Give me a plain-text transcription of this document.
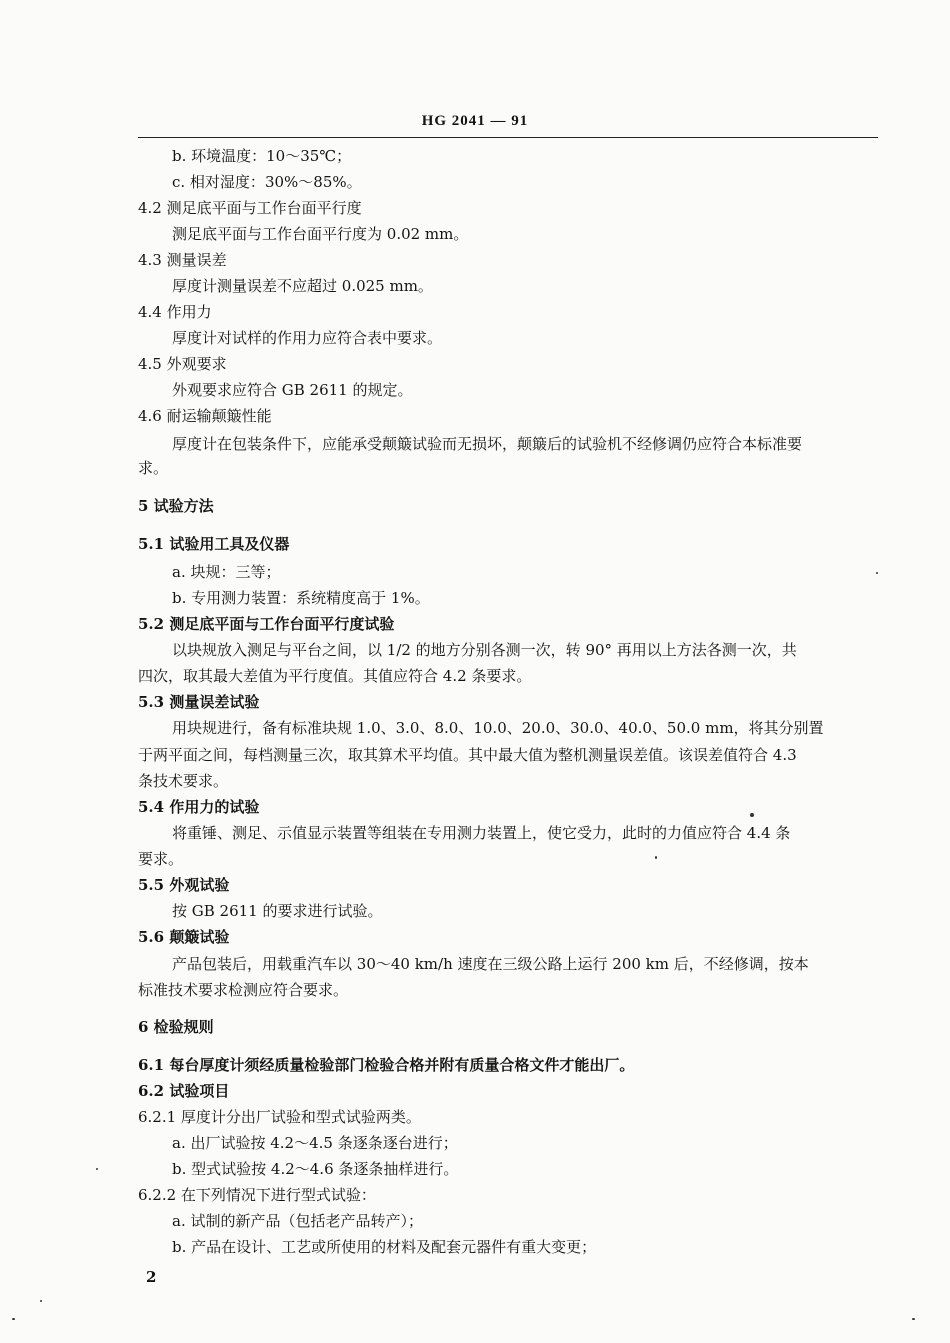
HG 2041 — 91
b. 环境温度：10～35℃；
c. 相对湿度：30%～85%。
4.2 测足底平面与工作台面平行度
测足底平面与工作台面平行度为 0.02 mm。
4.3 测量误差
厚度计测量误差不应超过 0.025 mm。
4.4 作用力
厚度计对试样的作用力应符合表中要求。
4.5 外观要求
外观要求应符合 GB 2611 的规定。
4.6 耐运输颠簸性能
厚度计在包装条件下，应能承受颠簸试验而无损坏，颠簸后的试验机不经修调仍应符合本标准要
求。
5 试验方法
5.1 试验用工具及仪器
a. 块规：三等；
b. 专用测力装置：系统精度高于 1%。
5.2 测足底平面与工作台面平行度试验
以块规放入测足与平台之间，以 1/2 的地方分别各测一次，转 90° 再用以上方法各测一次，共
四次，取其最大差值为平行度值。其值应符合 4.2 条要求。
5.3 测量误差试验
用块规进行，备有标准块规 1.0、3.0、8.0、10.0、20.0、30.0、40.0、50.0 mm，将其分别置
于两平面之间，每档测量三次，取其算术平均值。其中最大值为整机测量误差值。该误差值符合 4.3
条技术要求。
5.4 作用力的试验
将重锤、测足、示值显示装置等组装在专用测力装置上，使它受力，此时的力值应符合 4.4 条
要求。
5.5 外观试验
按 GB 2611 的要求进行试验。
5.6 颠簸试验
产品包装后，用载重汽车以 30～40 km/h 速度在三级公路上运行 200 km 后，不经修调，按本
标准技术要求检测应符合要求。
6 检验规则
6.1 每台厚度计须经质量检验部门检验合格并附有质量合格文件才能出厂。
6.2 试验项目
6.2.1 厚度计分出厂试验和型式试验两类。
a. 出厂试验按 4.2～4.5 条逐条逐台进行；
b. 型式试验按 4.2～4.6 条逐条抽样进行。
6.2.2 在下列情况下进行型式试验：
a. 试制的新产品（包括老产品转产）；
b. 产品在设计、工艺或所使用的材料及配套元器件有重大变更；
2
